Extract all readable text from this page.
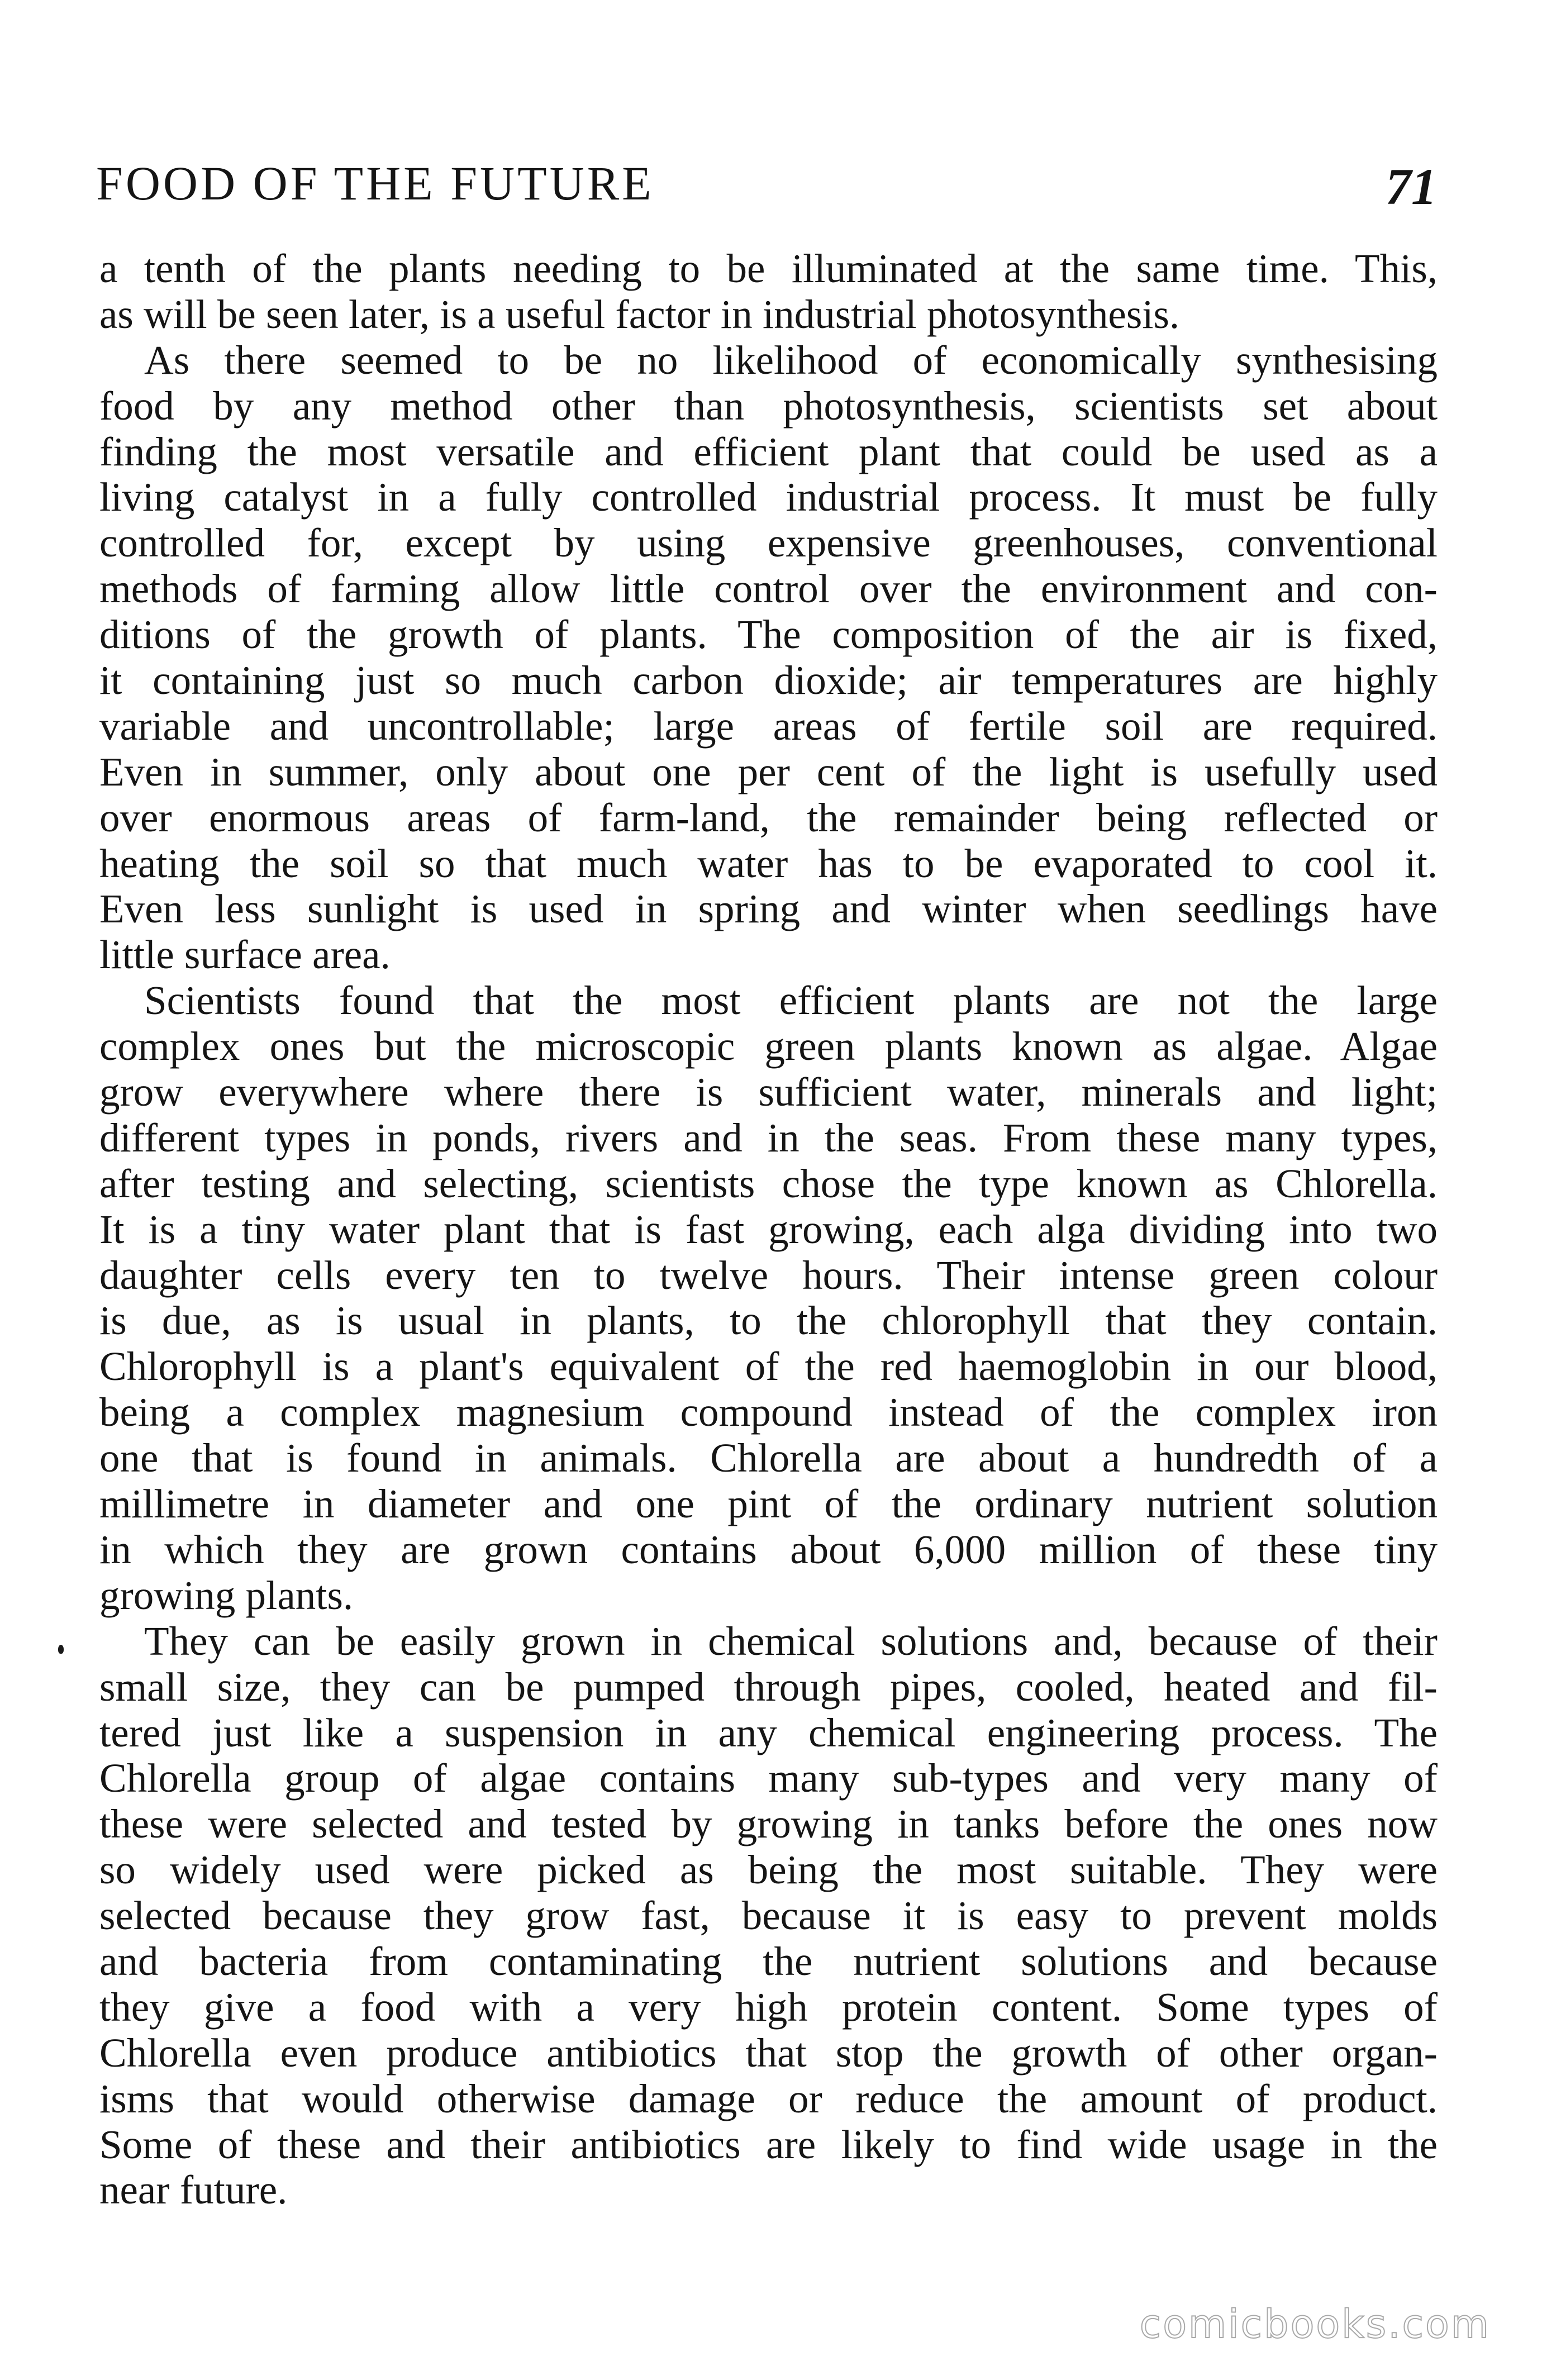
FOOD OF THE FUTURE	71
a tenth of the plants needing to be illuminated at the same time. This,
as will be seen later, is a useful factor in industrial photosynthesis.
As there seemed to be no likelihood of economically synthesising
food by any method other than photosynthesis, scientists set about
finding the most versatile and efficient plant that could be used as a
living catalyst in a fully controlled industrial process. It must be fully
controlled for, except by using expensive greenhouses, conventional
methods of farming allow little control over the environment and con-
ditions of the growth of plants. The composition of the air is fixed,
it containing just so much carbon dioxide; air temperatures are highly
variable and uncontrollable; large areas of fertile soil are required.
Even in summer, only about one per cent of the light is usefully used
over enormous areas of farm-land, the remainder being reflected or
heating the soil so that much water has to be evaporated to cool it.
Even less sunlight is used in spring and winter when seedlings have
little surface area.
Scientists found that the most efficient plants are not the large
complex ones but the microscopic green plants known as algae. Algae
grow everywhere where there is sufficient water, minerals and light;
different types in ponds, rivers and in the seas. From these many types,
after testing and selecting, scientists chose the type known as Chlorella.
It is a tiny water plant that is fast growing, each alga dividing into two
daughter cells every ten to twelve hours. Their intense green colour
is due, as is usual in plants, to the chlorophyll that they contain.
Chlorophyll is a plant's equivalent of the red haemoglobin in our blood,
being a complex magnesium compound instead of the complex iron
one that is found in animals. Chlorella are about a hundredth of a
millimetre in diameter and one pint of the ordinary nutrient solution
in which they are grown contains about 6,000 million of these tiny
growing plants.
They can be easily grown in chemical solutions and, because of their
small size, they can be pumped through pipes, cooled, heated and fil-
tered just like a suspension in any chemical engineering process. The
Chlorella group of algae contains many sub-types and very many of
these were selected and tested by growing in tanks before the ones now
so widely used were picked as being the most suitable. They were
selected because they grow fast, because it is easy to prevent molds
and bacteria from contaminating the nutrient solutions and because
they give a food with a very high protein content. Some types of
Chlorella even produce antibiotics that stop the growth of other organ-
isms that would otherwise damage or reduce the amount of product.
Some of these and their antibiotics are likely to find wide usage in the
near future.
comicbooks.com
